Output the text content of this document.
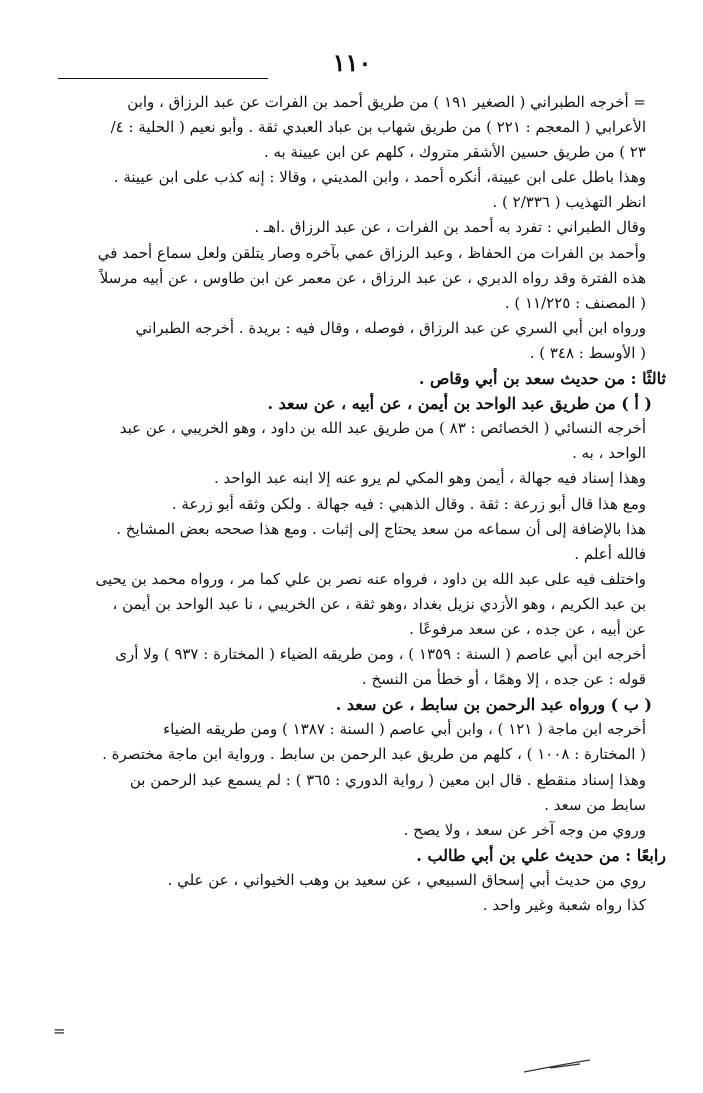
١١٠
= أخرجه الطبراني ( الصغير ١٩١ ) من طريق أحمد بن الفرات عن عبد الرزاق ، وابن
الأعرابي ( المعجم : ٢٢١ ) من طريق شهاب بن عباد العبدي ثقة . وأبو نعيم ( الحلية : ٤/
٢٣ ) من طريق حسين الأشقر متروك ، كلهم عن ابن عيينة به .
وهذا باطل على ابن عيينة، أنكره أحمد ، وابن المديني ، وقالا : إنه كذب على ابن عيينة .
انظر التهذيب ( ٢/٣٣٦ ) .
وقال الطبراني : تفرد به أحمد بن الفرات ، عن عبد الرزاق .اهـ .
وأحمد بن الفرات من الحفاظ ، وعبد الرزاق عمي بآخره وصار يتلقن ولعل سماع أحمد في
هذه الفترة وقد رواه الدبري ، عن عبد الرزاق ، عن معمر عن ابن طاوس ، عن أبيه مرسلاً
( المصنف : ١١/٢٢٥ ) .
ورواه ابن أبي السري عن عبد الرزاق ، فوصله ، وقال فيه : بريدة . أخرجه الطبراني
( الأوسط : ٣٤٨ ) .
ثالثًا : من حديث سعد بن أبي وقاص .
( أ ) من طريق عبد الواحد بن أيمن ، عن أبيه ، عن سعد .
أخرجه النسائي ( الخصائص : ٨٣ ) من طريق عبد الله بن داود ، وهو الخريبي ، عن عبد
الواحد ، به .
وهذا إسناد فيه جهالة ، أيمن وهو المكي لم يرو عنه إلا ابنه عبد الواحد .
ومع هذا قال أبو زرعة : ثقة . وقال الذهبي : فيه جهالة . ولكن وثقه أبو زرعة .
هذا بالإضافة إلى أن سماعه من سعد يحتاج إلى إثبات . ومع هذا صححه بعض المشايخ .
فالله أعلم .
واختلف فيه على عبد الله بن داود ، فرواه عنه نصر بن علي كما مر ، ورواه محمد بن يحيى
بن عبد الكريم ، وهو الأزدي نزيل بغداد ،وهو ثقة ، عن الخريبي ، نا عبد الواحد بن أيمن ،
عن أبيه ، عن جده ، عن سعد مرفوعًا .
أخرجه ابن أبي عاصم ( السنة : ١٣٥٩ ) ، ومن طريقه الضياء ( المختارة : ٩٣٧ ) ولا أرى
قوله : عن جده ، إلا وهمًا ، أو خطأ من النسخ .
( ب ) ورواه عبد الرحمن بن سابط ، عن سعد .
أخرجه ابن ماجة ( ١٢١ ) ، وابن أبي عاصم ( السنة : ١٣٨٧ ) ومن طريقه الضياء
( المختارة : ١٠٠٨ ) ، كلهم من طريق عبد الرحمن بن سابط . ورواية ابن ماجة مختصرة .
وهذا إسناد منقطع . قال ابن معين ( رواية الدوري : ٣٦٥ ) : لم يسمع عبد الرحمن بن
سابط من سعد .
وروي من وجه آخر عن سعد ، ولا يصح .
رابعًا : من حديث علي بن أبي طالب .
روي من حديث أبي إسحاق السبيعي ، عن سعيد بن وهب الخيواني ، عن علي .
كذا رواه شعبة وغير واحد .
=
